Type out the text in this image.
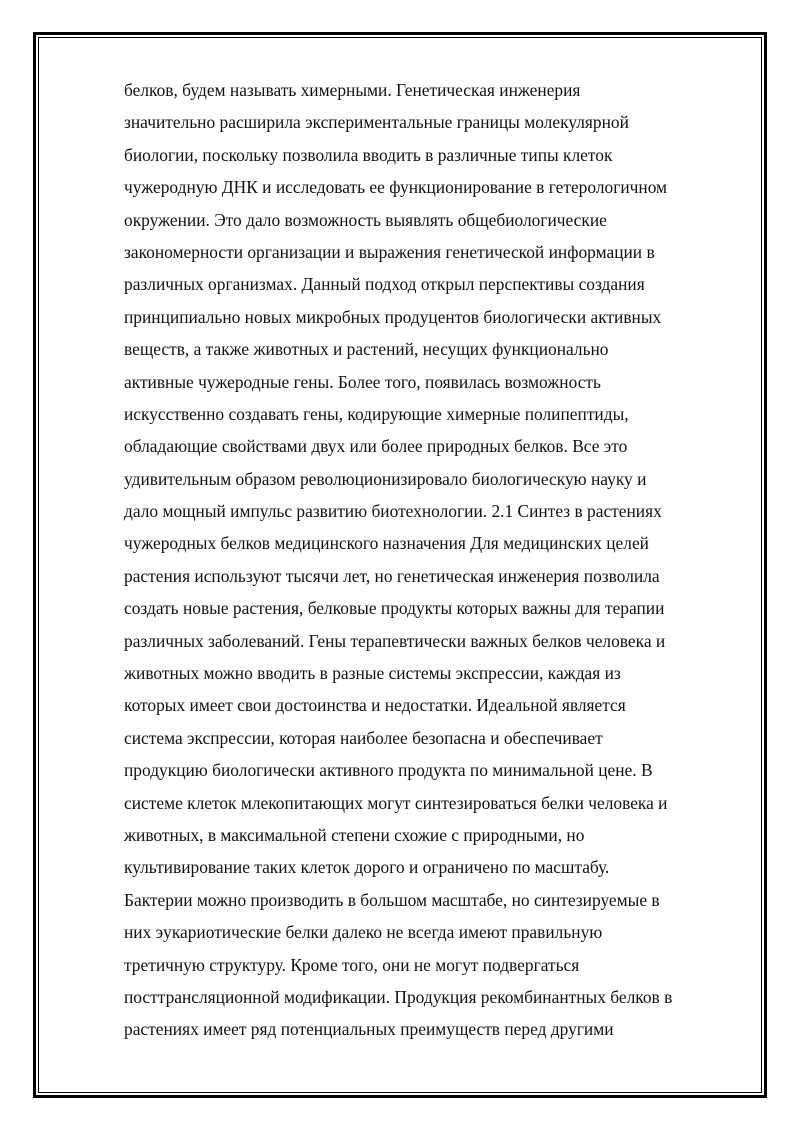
белков, будем называть химерными. Генетическая инженерия
значительно расширила экспериментальные границы молекулярной
биологии, поскольку позволила вводить в различные типы клеток
чужеродную ДНК и исследовать ее функционирование в гетерологичном
окружении. Это дало возможность выявлять общебиологические
закономерности организации и выражения генетической информации в
различных организмах. Данный подход открыл перспективы создания
принципиально новых микробных продуцентов биологически активных
веществ, а также животных и растений, несущих функционально
активные чужеродные гены. Более того, появилась возможность
искусственно создавать гены, кодирующие химерные полипептиды,
обладающие свойствами двух или более природных белков. Все это
удивительным образом революционизировало биологическую науку и
дало мощный импульс развитию биотехнологии. 2.1 Синтез в растениях
чужеродных белков медицинского назначения Для медицинских целей
растения используют тысячи лет, но генетическая инженерия позволила
создать новые растения, белковые продукты которых важны для терапии
различных заболеваний. Гены терапевтически важных белков человека и
животных можно вводить в разные системы экспрессии, каждая из
которых имеет свои достоинства и недостатки. Идеальной является
система экспрессии, которая наиболее безопасна и обеспечивает
продукцию биологически активного продукта по минимальной цене. В
системе клеток млекопитающих могут синтезироваться белки человека и
животных, в максимальной степени схожие с природными, но
культивирование таких клеток дорого и ограничено по масштабу.
Бактерии можно производить в большом масштабе, но синтезируемые в
них эукариотические белки далеко не всегда имеют правильную
третичную структуру. Кроме того, они не могут подвергаться
посттрансляционной модификации. Продукция рекомбинантных белков в
растениях имеет ряд потенциальных преимуществ перед другими
